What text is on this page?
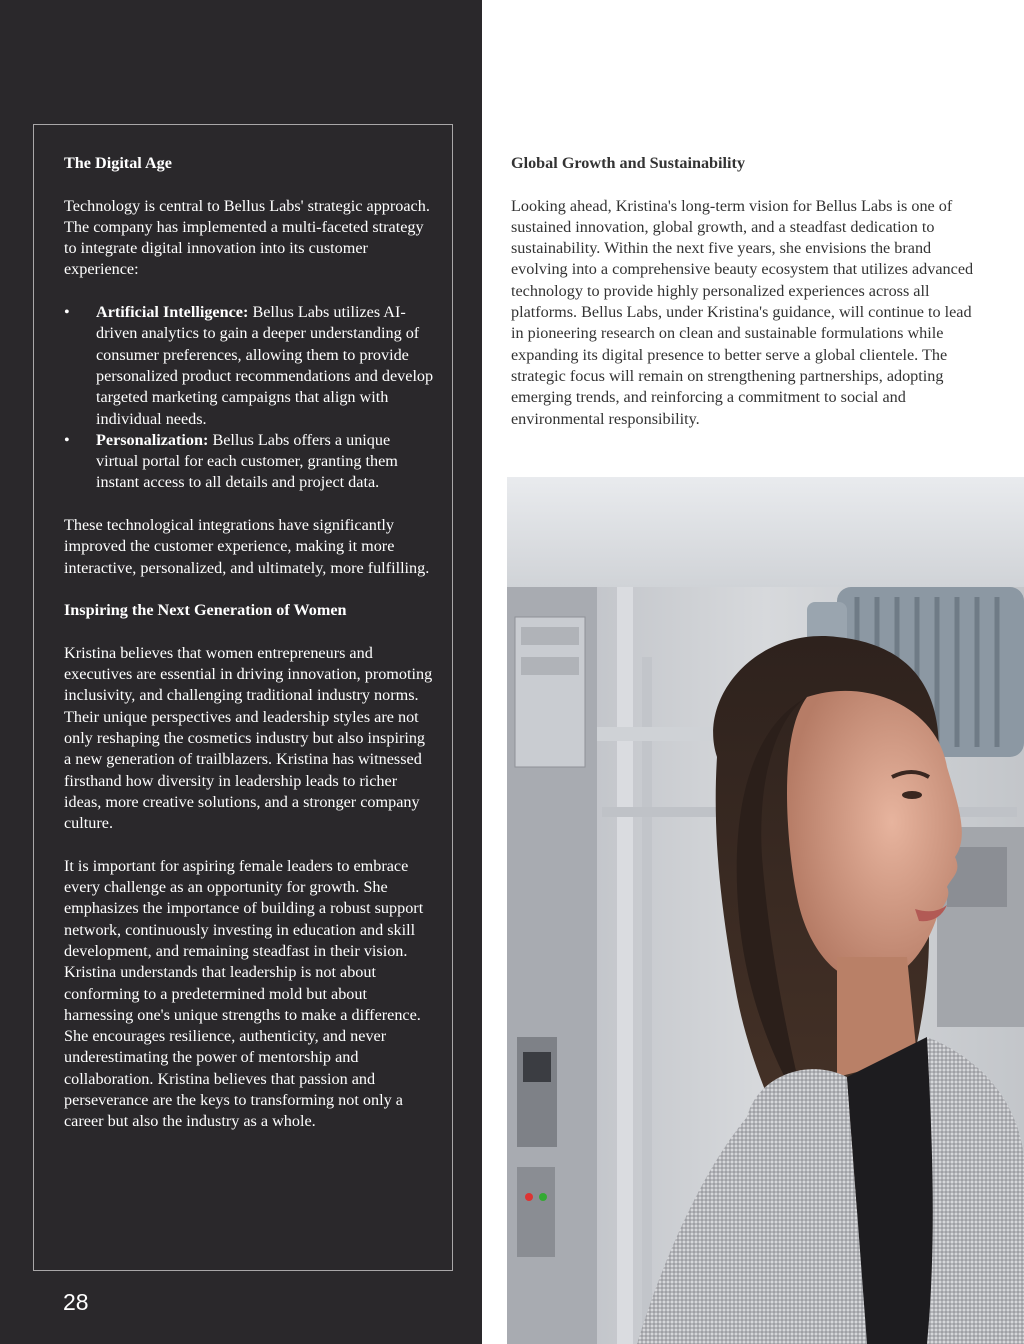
The Digital Age

Technology is central to Bellus Labs' strategic approach. The company has implemented a multi-faceted strategy to integrate digital innovation into its customer experience:

• Artificial Intelligence: Bellus Labs utilizes AI-driven analytics to gain a deeper understanding of consumer preferences, allowing them to provide personalized product recommendations and develop targeted marketing campaigns that align with individual needs.
• Personalization: Bellus Labs offers a unique virtual portal for each customer, granting them instant access to all details and project data.

These technological integrations have significantly improved the customer experience, making it more interactive, personalized, and ultimately, more fulfilling.

Inspiring the Next Generation of Women

Kristina believes that women entrepreneurs and executives are essential in driving innovation, promoting inclusivity, and challenging traditional industry norms. Their unique perspectives and leadership styles are not only reshaping the cosmetics industry but also inspiring a new generation of trailblazers. Kristina has witnessed firsthand how diversity in leadership leads to richer ideas, more creative solutions, and a stronger company culture.

It is important for aspiring female leaders to embrace every challenge as an opportunity for growth. She emphasizes the importance of building a robust support network, continuously investing in education and skill development, and remaining steadfast in their vision. Kristina understands that leadership is not about conforming to a predetermined mold but about harnessing one's unique strengths to make a difference. She encourages resilience, authenticity, and never underestimating the power of mentorship and collaboration. Kristina believes that passion and perseverance are the keys to transforming not only a career but also the industry as a whole.

28
Global Growth and Sustainability

Looking ahead, Kristina's long-term vision for Bellus Labs is one of sustained innovation, global growth, and a steadfast dedication to sustainability. Within the next five years, she envisions the brand evolving into a comprehensive beauty ecosystem that utilizes advanced technology to provide highly personalized experiences across all platforms. Bellus Labs, under Kristina's guidance, will continue to lead in pioneering research on clean and sustainable formulations while expanding its digital presence to better serve a global clientele. The strategic focus will remain on strengthening partnerships, adopting emerging trends, and reinforcing a commitment to social and environmental responsibility.
